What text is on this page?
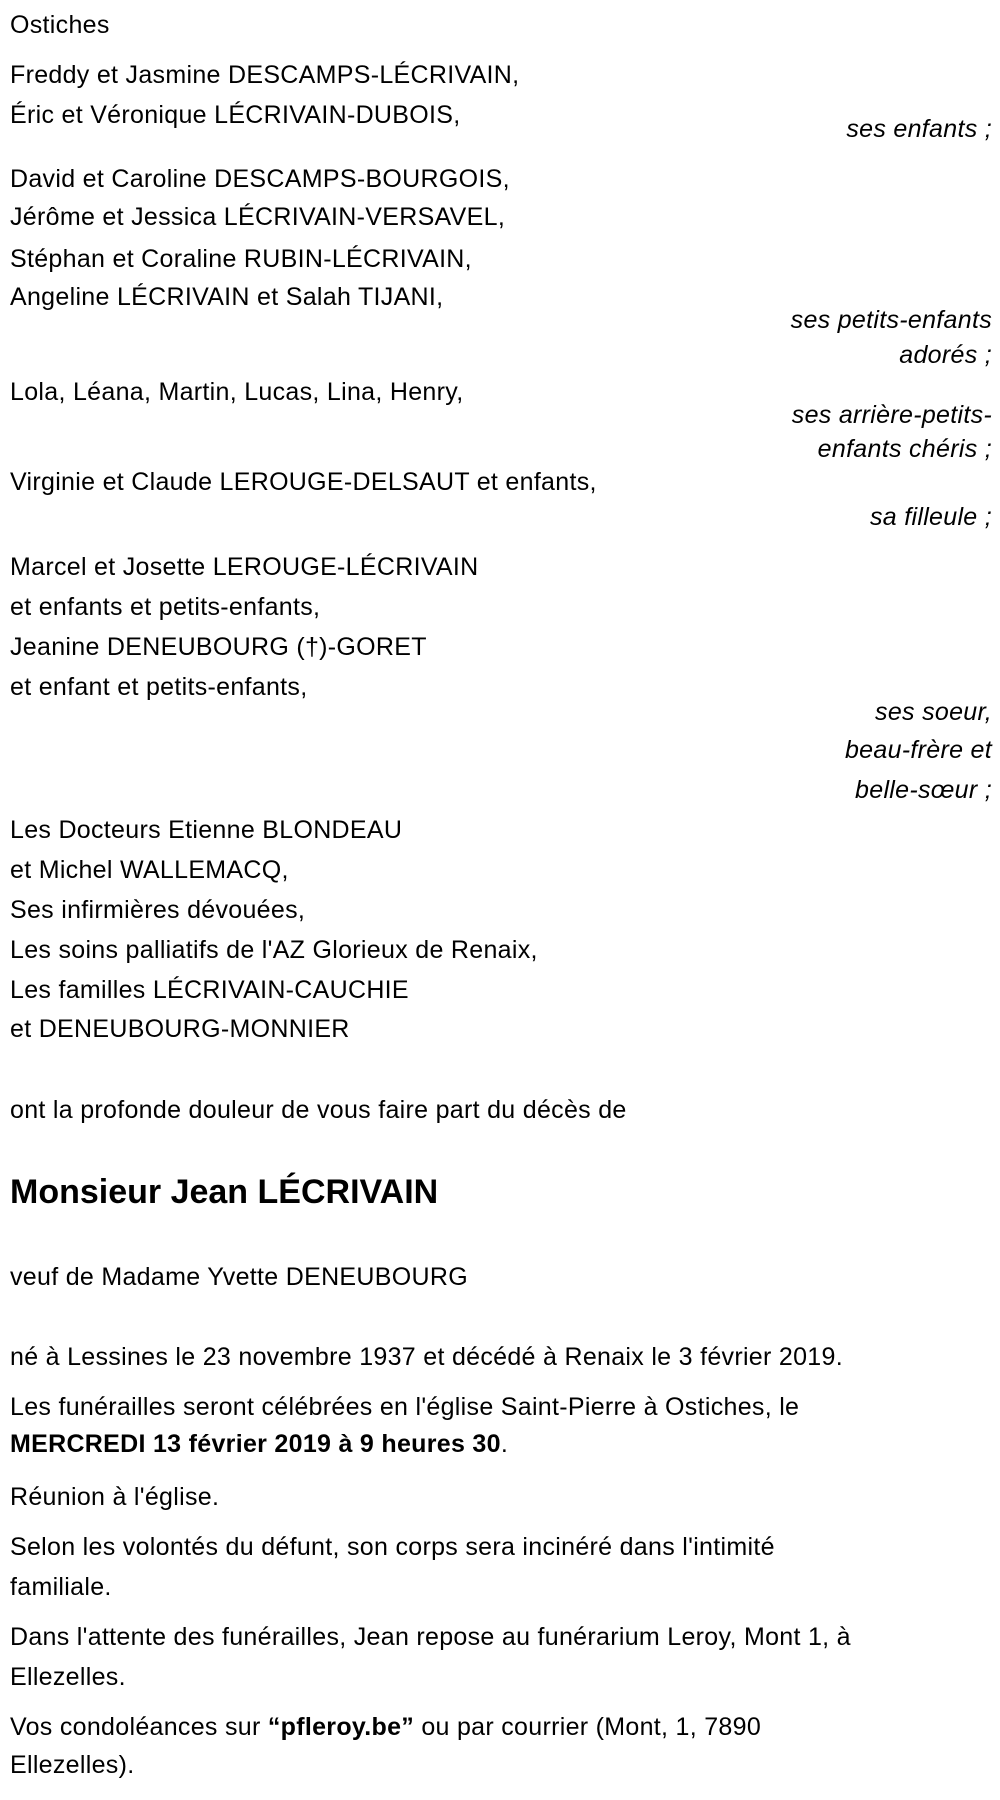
Ostiches
Freddy et Jasmine DESCAMPS-LÉCRIVAIN,
Éric et Véronique LÉCRIVAIN-DUBOIS,	ses enfants ;
David et Caroline DESCAMPS-BOURGOIS,
Jérôme et Jessica LÉCRIVAIN-VERSAVEL,
Stéphan et Coraline RUBIN-LÉCRIVAIN,
Angeline LÉCRIVAIN et Salah TIJANI,
ses petits-enfants
adorés ;
Lola, Léana, Martin, Lucas, Lina, Henry,
ses arrière-petits-
enfants chéris ;
Virginie et Claude LEROUGE-DELSAUT et enfants,
sa filleule ;
Marcel et Josette LEROUGE-LÉCRIVAIN
et enfants et petits-enfants,
Jeanine DENEUBOURG (†)-GORET
et enfant et petits-enfants,
ses soeur,
beau-frère et
belle-sœur ;
Les Docteurs Etienne BLONDEAU
et Michel WALLEMACQ,
Ses infirmières dévouées,
Les soins palliatifs de l'AZ Glorieux de Renaix,
Les familles LÉCRIVAIN-CAUCHIE
et DENEUBOURG-MONNIER
ont la profonde douleur de vous faire part du décès de
Monsieur Jean LÉCRIVAIN
veuf de Madame Yvette DENEUBOURG
né à Lessines le 23 novembre 1937 et décédé à Renaix le 3 février 2019.
Les funérailles seront célébrées en l'église Saint-Pierre à Ostiches, le
MERCREDI 13 février 2019 à 9 heures 30.
Réunion à l'église.
Selon les volontés du défunt, son corps sera incinéré dans l'intimité
familiale.
Dans l'attente des funérailles, Jean repose au funérarium Leroy, Mont 1, à
Ellezelles.
Vos condoléances sur “pfleroy.be” ou par courrier (Mont, 1, 7890
Ellezelles).
